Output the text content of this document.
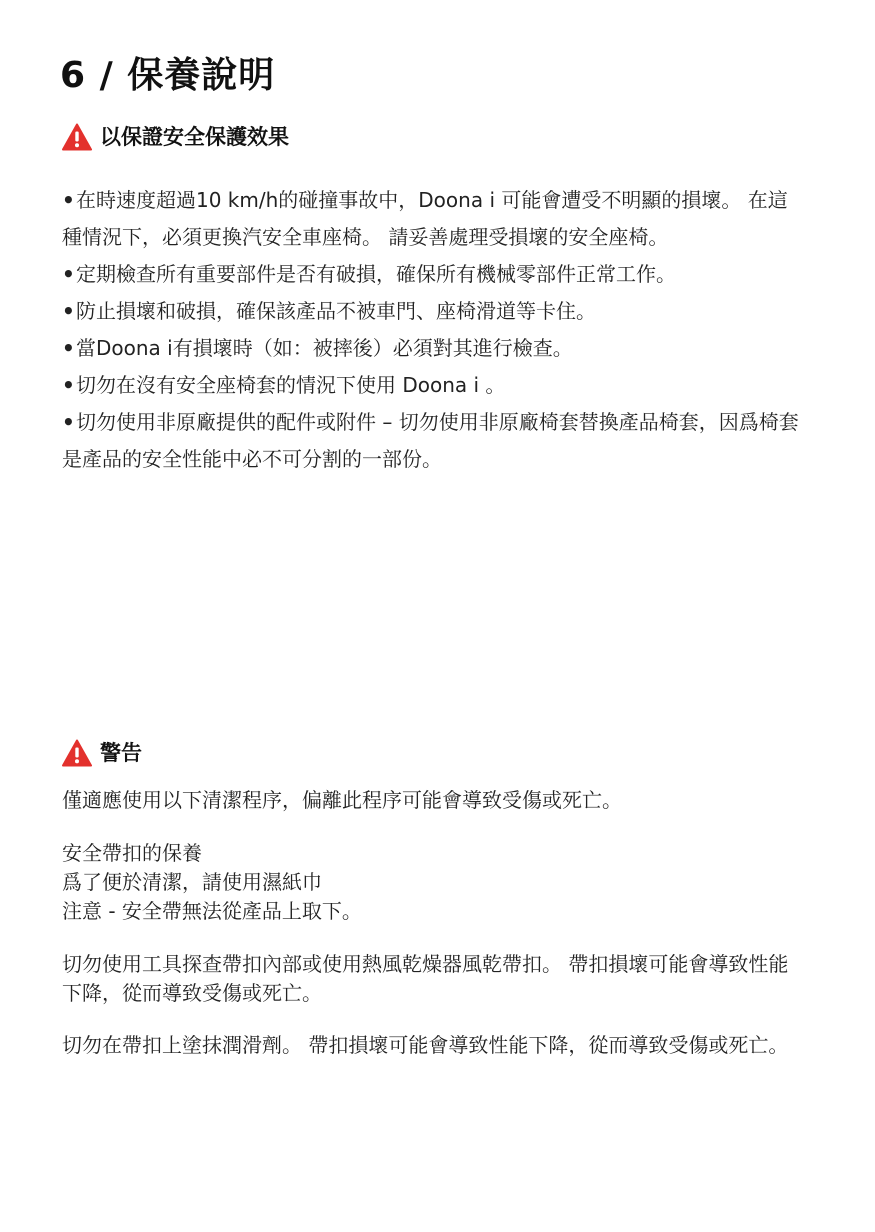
6 / 保養說明
以保證安全保護效果
•在時速度超過10 km/h的碰撞事故中，Doona i 可能會遭受不明顯的損壞。 在這種情況下，必須更換汽安全車座椅。 請妥善處理受損壞的安全座椅。
•定期檢查所有重要部件是否有破損，確保所有機械零部件正常工作。
•防止損壞和破損，確保該產品不被車門、座椅滑道等卡住。
•當Doona i有損壞時（如：被摔後）必須對其進行檢查。
•切勿在沒有安全座椅套的情況下使用 Doona i 。
•切勿使用非原廠提供的配件或附件 – 切勿使用非原廠椅套替換產品椅套，因爲椅套是產品的安全性能中必不可分割的一部份。
警告

僅適應使用以下清潔程序，偏離此程序可能會導致受傷或死亡。

安全帶扣的保養
爲了便於清潔，請使用濕紙巾
注意 - 安全帶無法從產品上取下。

切勿使用工具探查帶扣內部或使用熱風乾燥器風乾帶扣。 帶扣損壞可能會導致性能下降，從而導致受傷或死亡。

切勿在帶扣上塗抹潤滑劑。 帶扣損壞可能會導致性能下降，從而導致受傷或死亡。
